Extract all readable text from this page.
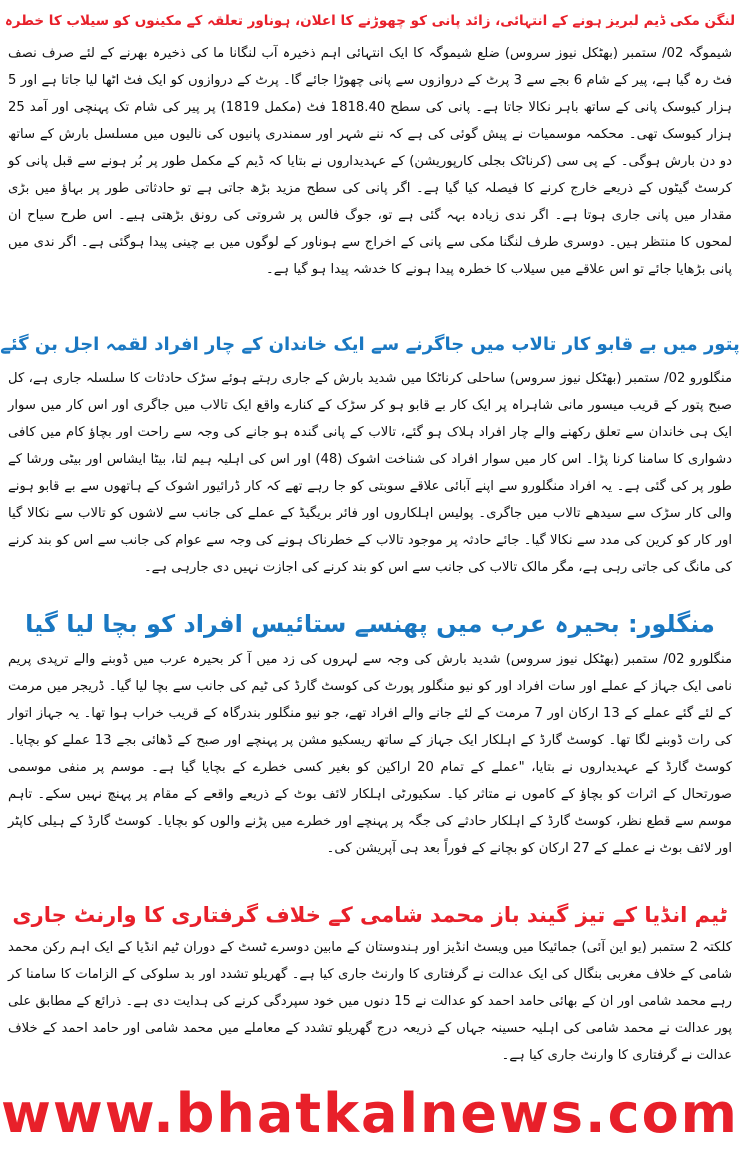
لنگن مکی ڈیم لبریز ہونے کے انتہائی، زائد پانی کو چھوڑنے کا اعلان، ہوناور تعلقہ کے مکینوں کو سیلاب کا خطرہ

شیموگہ 02/ ستمبر (بھٹکل نیوز سروس) ضلع شیموگہ کا ایک انتہائی اہم ذخیرہ آب لنگانا ما کی ذخیرہ بھرنے کے لئے صرف نصف فٹ رہ گیا ہے، پیر کے شام 6 بجے سے 3 پرٹ کے دروازوں سے پانی چھوڑا جائے گا۔ پرٹ کے دروازوں کو ایک فٹ اٹھا لیا جاتا ہے اور 5 ہزار کیوسک پانی کے ساتھ باہر نکالا جاتا ہے۔ پانی کی سطح 1818.40 فٹ (مکمل 1819) پر پیر کی شام تک پہنچی اور آمد 25 ہزار کیوسک تھی۔ محکمہ موسمیات نے پیش گوئی کی ہے کہ ننے شہر اور سمندری پانیوں کی نالیوں میں مسلسل بارش کے ساتھ دو دن بارش ہوگی۔ کے پی سی (کرناٹک بجلی کارپوریشن) کے عہدیداروں نے بتایا کہ ڈیم کے مکمل طور پر بُر ہونے سے قبل پانی کو کرسٹ گیٹوں کے ذریعے خارج کرنے کا فیصلہ کیا گیا ہے۔ اگر پانی کی سطح مزید بڑھ جاتی ہے تو حادثاتی طور پر بہاؤ میں بڑی مقدار میں پانی جاری ہوتا ہے۔ اگر ندی زیادہ بہہ گئی ہے تو، جوگ فالس پر شروتی کی رونق بڑھتی ہیے۔ اس طرح سیاح ان لمحوں کا منتظر ہیں۔ دوسری طرف لنگنا مکی سے پانی کے اخراج سے ہوناور کے لوگوں میں بے چینی پیدا ہوگئی ہے۔ اگر ندی میں پانی بڑھایا جائے تو اس علاقے میں سیلاب کا خطرہ پیدا ہونے کا خدشہ پیدا ہو گیا ہے۔

پتور میں بے قابو کار تالاب میں جاگرنے سے ایک خاندان کے چار افراد لقمہ اجل بن گئے

منگلورو 02/ ستمبر (بھٹکل نیوز سروس) ساحلی کرناٹکا میں شدید بارش کے جاری رہتے ہوئے سڑک حادثات کا سلسلہ جاری ہے، کل صبح پتور کے قریب میسور مانی شاہراہ پر ایک کار بے قابو ہو کر سڑک کے کنارے واقع ایک تالاب میں جاگری اور اس کار میں سوار ایک ہی خاندان سے تعلق رکھنے والے چار افراد ہلاک ہو گئے، تالاب کے پانی گندہ ہو جانے کی وجہ سے راحت اور بچاؤ کام میں کافی دشواری کا سامنا کرنا پڑا۔ اس کار میں سوار افراد کی شناخت اشوک (48) اور اس کی اہلیہ ہیم لتا، بیٹا ایشاس اور بیٹی ورشا کے طور پر کی گئی ہے۔ یہ افراد منگلورو سے اپنے آبائی علاقے سوبتی کو جا رہے تھے کہ کار ڈرائیور اشوک کے ہاتھوں سے بے قابو ہونے والی کار سڑک سے سیدھے تالاب میں جاگری۔ پولیس اہلکاروں اور فائر بریگیڈ کے عملے کی جانب سے لاشوں کو تالاب سے نکالا گیا اور کار کو کرین کی مدد سے نکالا گیا۔ جائے حادثہ پر موجود تالاب کے خطرناک ہونے کی وجہ سے عوام کی جانب سے اس کو بند کرنے کی مانگ کی جاتی رہی ہے، مگر مالک تالاب کی جانب سے اس کو بند کرنے کی اجازت نہیں دی جارہی ہے۔

منگلور: بحیرہ عرب میں پھنسے ستائیس افراد کو بچا لیا گیا

منگلورو 02/ ستمبر (بھٹکل نیوز سروس) شدید بارش کی وجہ سے لہروں کی زد میں آ کر بحیرہ عرب میں ڈوبنے والے ترپدی پریم نامی ایک جہاز کے عملے اور سات افراد اور کو نیو منگلور پورٹ کی کوسٹ گارڈ کی ٹیم کی جانب سے بچا لیا گیا۔ ڈریجر میں مرمت کے لئے گئے عملے کے 13 ارکان اور 7 مرمت کے لئے جانے والے افراد تھے، جو نیو منگلور بندرگاہ کے قریب خراب ہوا تھا۔ یہ جہاز اتوار کی رات ڈوبنے لگا تھا۔ کوسٹ گارڈ کے اہلکار ایک جہاز کے ساتھ ریسکیو مشن پر پہنچے اور صبح کے ڈھائی بجے 13 عملے کو بچایا۔ کوسٹ گارڈ کے عہدیداروں نے بتایا، "عملے کے تمام 20 اراکین کو بغیر کسی خطرے کے بچایا گیا ہے۔ موسم پر منفی موسمی صورتحال کے اثرات کو بچاؤ کے کاموں نے متاثر کیا۔ سکیورٹی اہلکار لائف بوٹ کے ذریعے واقعے کے مقام پر پہنچ نہیں سکے۔ تاہم موسم سے قطع نظر، کوسٹ گارڈ کے اہلکار حادثے کی جگہ پر پہنچے اور خطرے میں پڑنے والوں کو بچایا۔ کوسٹ گارڈ کے ہیلی کاپٹر اور لائف بوٹ نے عملے کے 27 ارکان کو بچانے کے فوراً بعد ہی آپریشن کی۔

ٹیم انڈیا کے تیز گیند باز محمد شامی کے خلاف گرفتاری کا وارنٹ جاری

کلکتہ 2 ستمبر (یو این آئی) جمائیکا میں ویسٹ انڈیز اور ہندوستان کے مابین دوسرے ٹسٹ کے دوران ٹیم انڈیا کے ایک اہم رکن محمد شامی کے خلاف مغربی بنگال کی ایک عدالت نے گرفتاری کا وارنٹ جاری کیا ہے۔ گھریلو تشدد اور بد سلوکی کے الزامات کا سامنا کر رہے محمد شامی اور ان کے بھائی حامد احمد کو عدالت نے 15 دنوں میں خود سپردگی کرنے کی ہدایت دی ہے۔ ذرائع کے مطابق علی پور عدالت نے محمد شامی کی اہلیہ حسینہ جہاں کے ذریعہ درج گھریلو تشدد کے معاملے میں محمد شامی اور حامد احمد کے خلاف عدالت نے گرفتاری کا وارنٹ جاری کیا ہے۔

www.bhatkalnews.com
